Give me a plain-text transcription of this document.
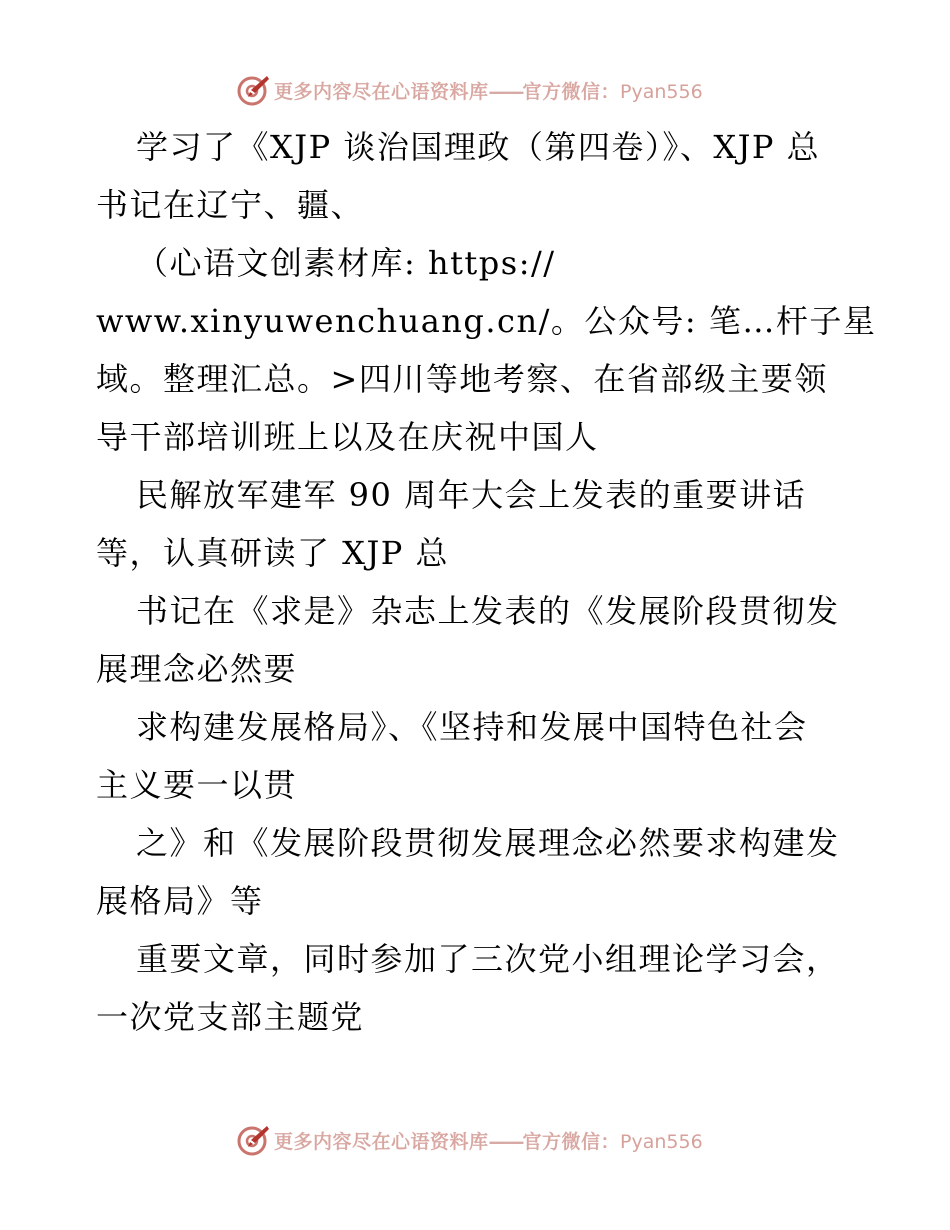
更多内容尽在心语资料库——官方微信：Pyan556
学习了《XJP 谈治国理政（第四卷）》、XJP 总
书记在辽宁、疆、
（心语文创素材库: https://
www.xinyuwenchuang.cn/。公众号: 笔…杆子星
域。整理汇总。>四川等地考察、在省部级主要领
导干部培训班上以及在庆祝中国人
民解放军建军 90 周年大会上发表的重要讲话
等，认真研读了 XJP 总
书记在《求是》杂志上发表的《发展阶段贯彻发
展理念必然要
求构建发展格局》、《坚持和发展中国特色社会
主义要一以贯
之》和《发展阶段贯彻发展理念必然要求构建发
展格局》等
重要文章，同时参加了三次党小组理论学习会，
一次党支部主题党
更多内容尽在心语资料库——官方微信：Pyan556
